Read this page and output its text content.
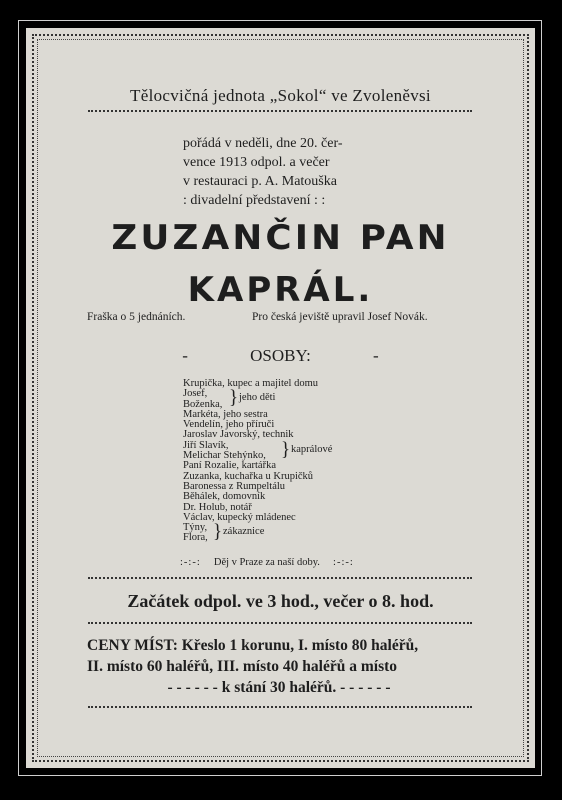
Tělocvičná jednota „Sokol“ ve Zvoleněvsi
pořádá v neděli, dne 20. čer-
vence 1913 odpol. a večer
v restauraci p. A. Matouška
: divadelní představení : :
ZUZANČIN PAN
KAPRÁL.
Fraška o 5 jednáních.	Pro česká jeviště upravil Josef Novák.
-	OSOBY:	-
Krupička, kupec a majitel domu
Josef,
Boženka,
Markéta, jeho sestra
Vendelín, jeho příruči
Jaroslav Javorský, technik
Jiří Slavík,
Melichar Stehýnko,
Paní Rozalie, kartářka
Zuzanka, kuchařka u Krupičků
Baronessa z Rumpeltálu
Běhálek, domovník
Dr. Holub, notář
Václav, kupecký mládenec
Týny,
Flora,
} jeho děti
} kaprálové
} zákaznice
:-:-: Děj v Praze za naší doby. :-:-:
Začátek odpol. ve 3 hod., večer o 8. hod.
CENY MÍST: Křeslo 1 korunu, I. místo 80 haléřů,
II. místo 60 haléřů, III. místo 40 haléřů a místo
- - - - - - k stání 30 haléřů. - - - - - -
